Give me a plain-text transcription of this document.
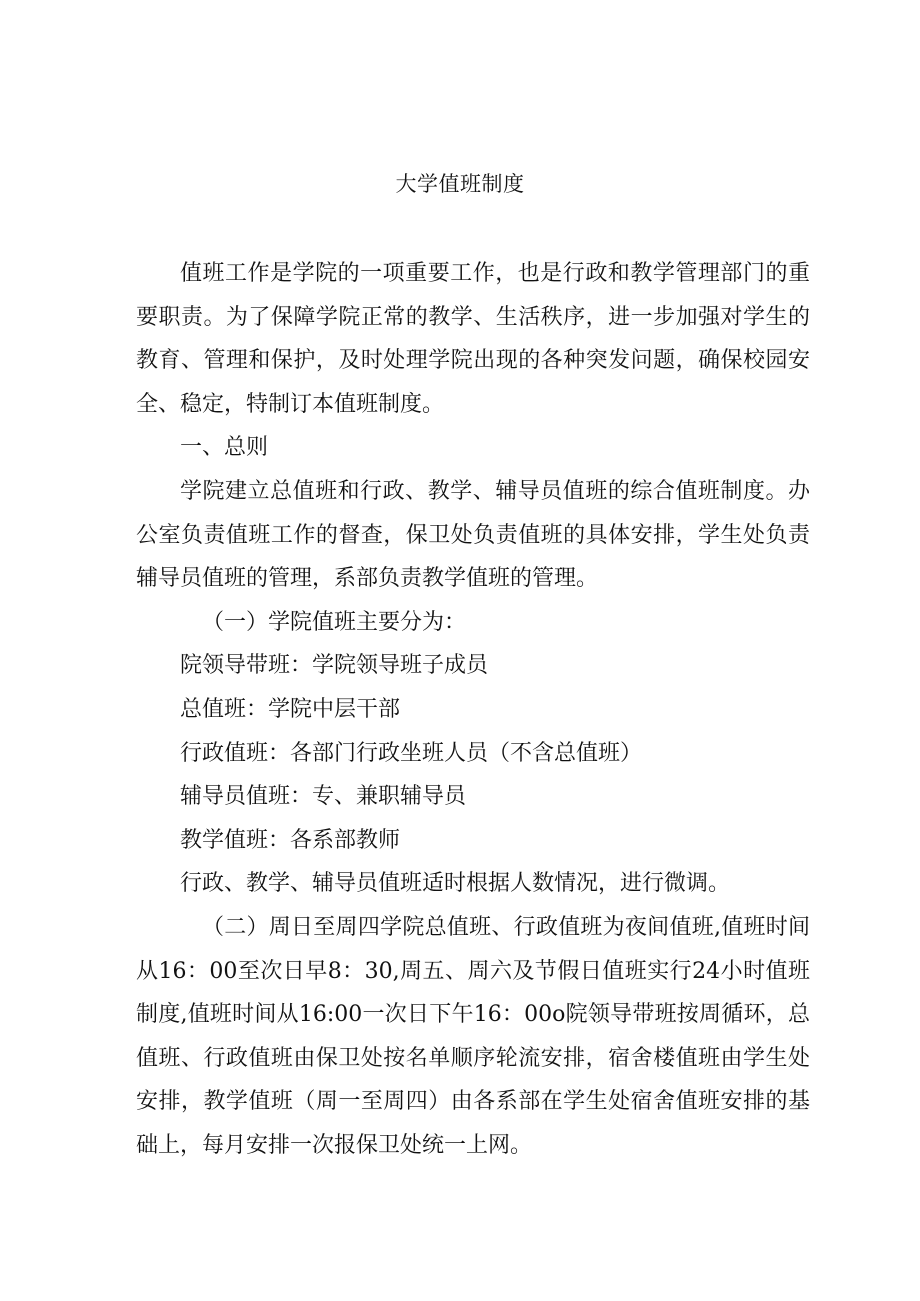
大学值班制度

值班工作是学院的一项重要工作，也是行政和教学管理部门的重要职责。为了保障学院正常的教学、生活秩序，进一步加强对学生的教育、管理和保护，及时处理学院出现的各种突发问题，确保校园安全、稳定，特制订本值班制度。

一、总则

学院建立总值班和行政、教学、辅导员值班的综合值班制度。办公室负责值班工作的督查，保卫处负责值班的具体安排，学生处负责辅导员值班的管理，系部负责教学值班的管理。

（一）学院值班主要分为：

院领导带班：学院领导班子成员

总值班：学院中层干部

行政值班：各部门行政坐班人员（不含总值班）

辅导员值班：专、兼职辅导员

教学值班：各系部教师

行政、教学、辅导员值班适时根据人数情况，进行微调。

（二）周日至周四学院总值班、行政值班为夜间值班,值班时间从16：00至次日早8：30,周五、周六及节假日值班实行24小时值班制度,值班时间从16:00一次日下午16：00o院领导带班按周循环，总值班、行政值班由保卫处按名单顺序轮流安排，宿舍楼值班由学生处安排，教学值班（周一至周四）由各系部在学生处宿舍值班安排的基础上，每月安排一次报保卫处统一上网。
